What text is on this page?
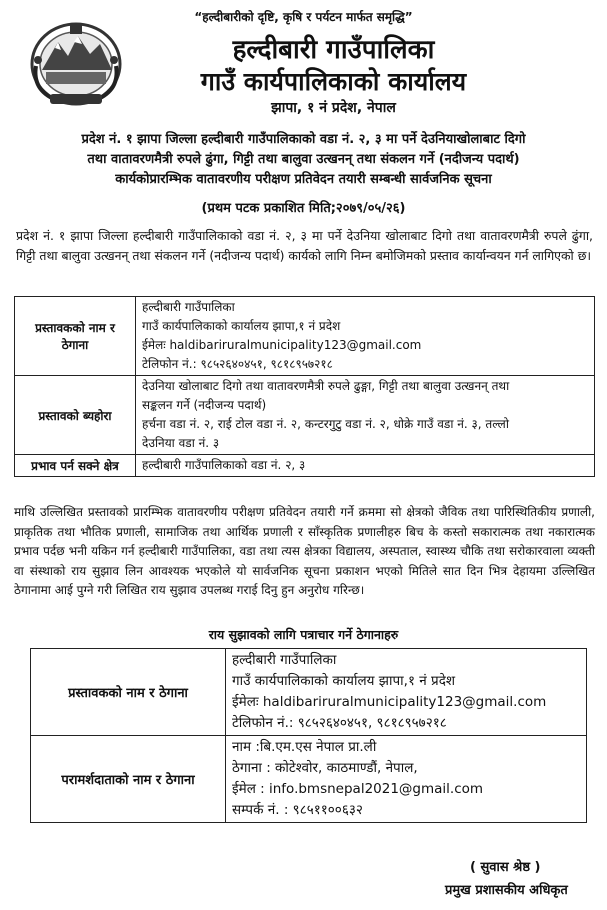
“हल्दीबारीको दृष्टि, कृषि र पर्यटन मार्फत समृद्धि”
हल्दीबारी गाउँपालिका
गाउँ कार्यपालिकाको कार्यालय
झापा, १ नं प्रदेश, नेपाल
प्रदेश नं. १ झापा जिल्ला हल्दीबारी गाउँपालिकाको वडा नं. २, ३ मा पर्ने देउनियाखोलाबाट दिगो
तथा वातावरणमैत्री रुपले ढुंगा, गिट्टी तथा बालुवा उत्खनन् तथा संकलन गर्ने (नदीजन्य पदार्थ)
कार्यकोप्रारम्भिक वातावरणीय परीक्षण प्रतिवेदन तयारी सम्बन्धी सार्वजनिक सूचना
(प्रथम पटक प्रकाशित मिति;२०७९/०५/२६)
प्रदेश नं. १ झापा जिल्ला हल्दीबारी गाउँपालिकाको वडा नं. २, ३ मा पर्ने देउनिया खोलाबाट दिगो तथा वातावरणमैत्री रुपले ढुंगा, गिट्टी तथा बालुवा उत्खनन् तथा संकलन गर्ने (नदीजन्य पदार्थ) कार्यको लागि निम्न बमोजिमको प्रस्ताव कार्यान्वयन गर्न लागिएको छ।
प्रस्तावकको नाम र ठेगाना	हल्दीबारी गाउँपालिका
गाउँ कार्यपालिकाको कार्यालय झापा,१ नं प्रदेश
ईमेलः haldibariruralmunicipality123@gmail.com
टेलिफोन नं.: ९८५२६४०४५१, ९८१८९५७२१८

प्रस्तावको ब्यहोरा	देउनिया खोलाबाट दिगो तथा वातावरणमैत्री रुपले ढुङ्गा, गिट्टी तथा बालुवा उत्खनन् तथा
सङ्कलन गर्ने (नदीजन्य पदार्थ)
हर्चना वडा नं. २, राई टोल वडा नं. २, कन्टरगुटु वडा नं. २, धोक्रे गाउँ वडा नं. ३, तल्लो
देउनिया वडा नं. ३

प्रभाव पर्न सक्ने क्षेत्र	हल्दीबारी गाउँपालिकाको वडा नं. २, ३
माथि उल्लिखित प्रस्तावको प्रारम्भिक वातावरणीय परीक्षण प्रतिवेदन तयारी गर्ने क्रममा सो क्षेत्रको जैविक तथा पारिस्थितिकीय प्रणाली, प्राकृतिक तथा भौतिक प्रणाली, सामाजिक तथा आर्थिक प्रणाली र साँस्कृतिक प्रणालीहरु बिच के कस्तो सकारात्मक तथा नकारात्मक प्रभाव पर्दछ भनी यकिन गर्न हल्दीबारी गाउँपालिका, वडा तथा त्यस क्षेत्रका विद्यालय, अस्पताल, स्वास्थ्य चौकि तथा सरोकारवाला व्यक्ती वा संस्थाको राय सुझाव लिन आवश्यक भएकोले यो सार्वजनिक सूचना प्रकाशन भएको मितिले सात दिन भित्र देहायमा उल्लिखित ठेगानामा आई पुग्ने गरी लिखित राय सुझाव उपलब्ध गराई दिनु हुन अनुरोध गरिन्छ।
राय सुझावको लागि पत्राचार गर्ने ठेगानाहरु
प्रस्तावकको नाम र ठेगाना	हल्दीबारी गाउँपालिका
गाउँ कार्यपालिकाको कार्यालय झापा,१ नं प्रदेश
ईमेलः haldibariruralmunicipality123@gmail.com
टेलिफोन नं.: ९८५२६४०४५१, ९८१८९५७२१८

परामर्शदाताको नाम र ठेगाना	नाम :बि.एम.एस नेपाल प्रा.ली
ठेगाना : कोटेश्वोर, काठमाण्डौं, नेपाल,
ईमेल : info.bmsnepal2021@gmail.com
सम्पर्क नं. : ९८५११००६३२
( सुवास श्रेष्ठ )
प्रमुख प्रशासकीय अधिकृत
